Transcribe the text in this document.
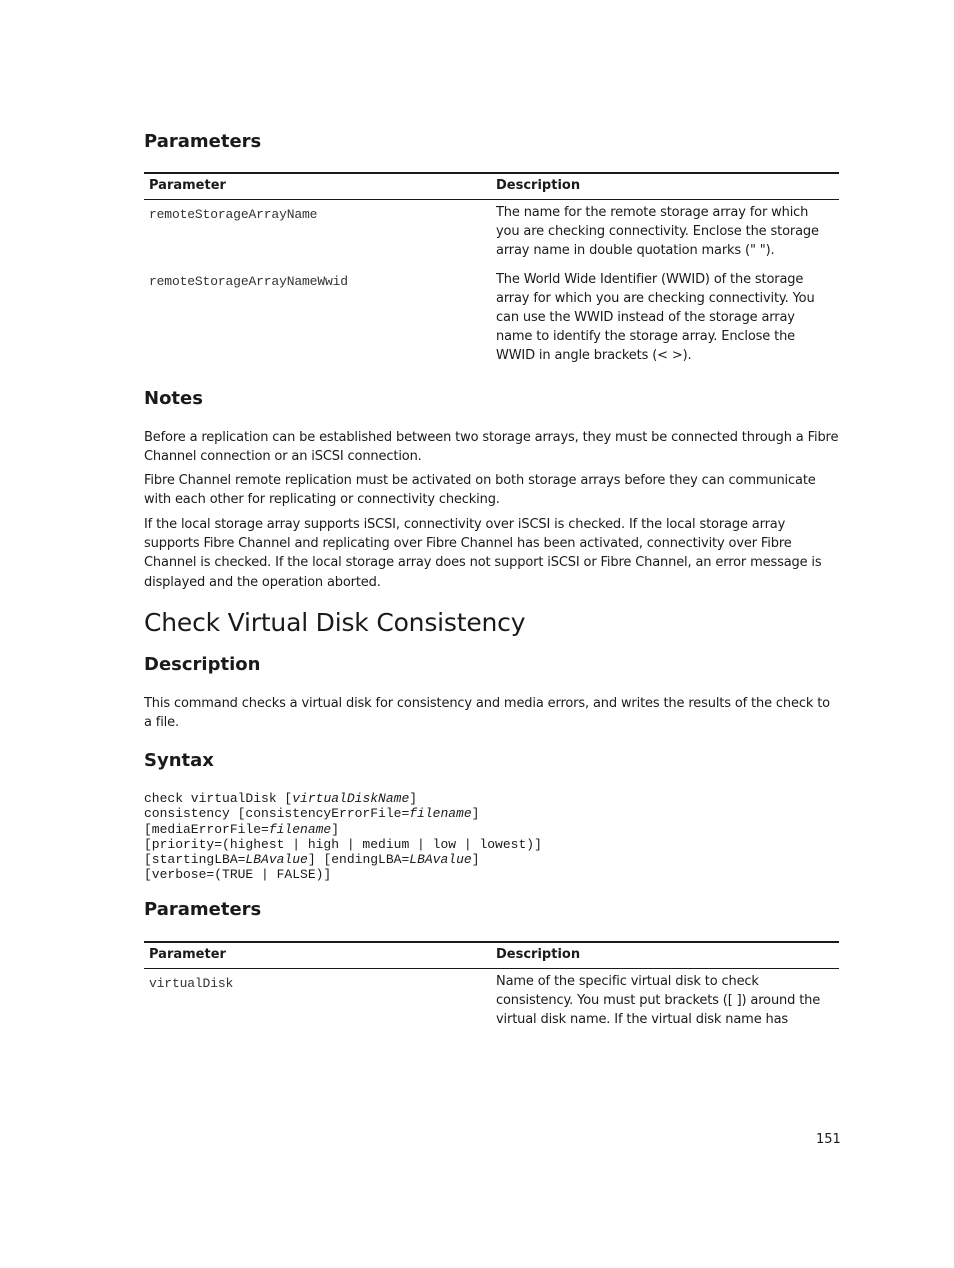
Parameters
Parameter	Description
remoteStorageArrayName	The name for the remote storage array for which you are checking connectivity. Enclose the storage array name in double quotation marks (" ").
remoteStorageArrayNameWwid	The World Wide Identifier (WWID) of the storage array for which you are checking connectivity. You can use the WWID instead of the storage array name to identify the storage array. Enclose the WWID in angle brackets (< >).
Notes

Before a replication can be established between two storage arrays, they must be connected through a Fibre Channel connection or an iSCSI connection.

Fibre Channel remote replication must be activated on both storage arrays before they can communicate with each other for replicating or connectivity checking.

If the local storage array supports iSCSI, connectivity over iSCSI is checked. If the local storage array supports Fibre Channel and replicating over Fibre Channel has been activated, connectivity over Fibre Channel is checked. If the local storage array does not support iSCSI or Fibre Channel, an error message is displayed and the operation aborted.

Check Virtual Disk Consistency
Description

This command checks a virtual disk for consistency and media errors, and writes the results of the check to a file.

Syntax
check virtualDisk [virtualDiskName]
consistency [consistencyErrorFile=filename]
[mediaErrorFile=filename]
[priority=(highest | high | medium | low | lowest)]
[startingLBA=LBAvalue] [endingLBA=LBAvalue]
[verbose=(TRUE | FALSE)]
Parameters
Parameter	Description
virtualDisk	Name of the specific virtual disk to check consistency. You must put brackets ([ ]) around the virtual disk name. If the virtual disk name has
151
